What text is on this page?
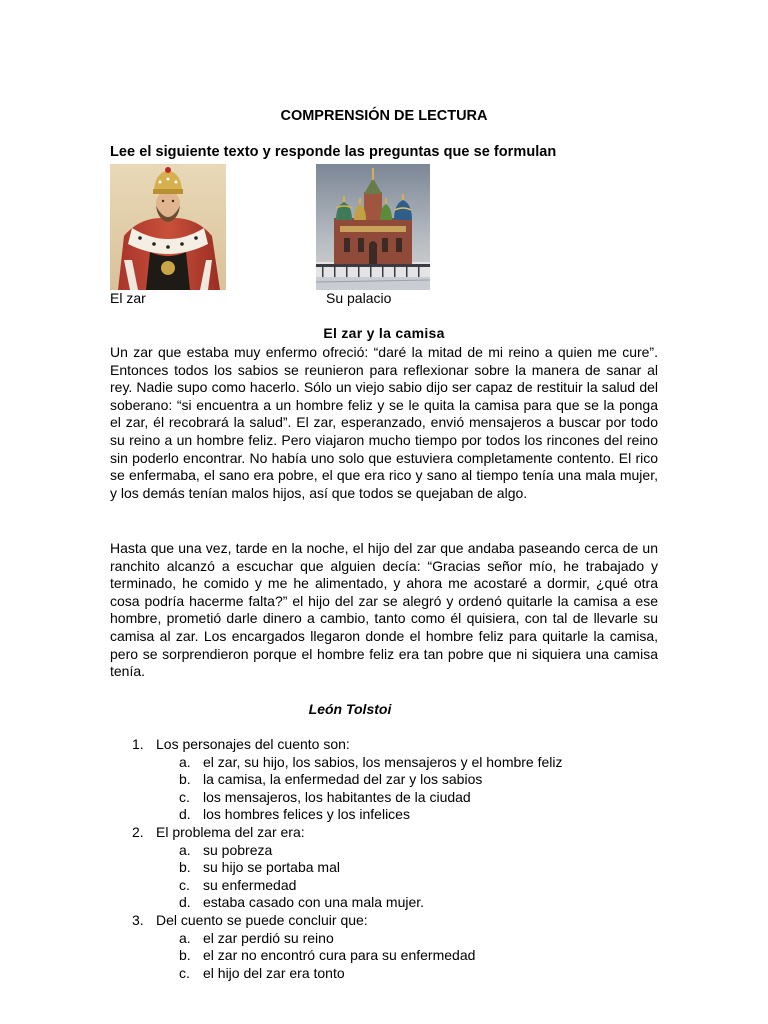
COMPRENSIÓN DE LECTURA
Lee el siguiente texto y responde las preguntas que se formulan
El zar	Su palacio
El zar y la camisa

Un zar que estaba muy enfermo ofreció: “daré la mitad de mi reino a quien me cure”. Entonces todos los sabios se reunieron para reflexionar sobre la manera de sanar al rey. Nadie supo como hacerlo. Sólo un viejo sabio dijo ser capaz de restituir la salud del soberano: “si encuentra a un hombre feliz y se le quita la camisa para que se la ponga el zar, él recobrará la salud”. El zar, esperanzado, envió mensajeros a buscar por todo su reino a un hombre feliz. Pero viajaron mucho tiempo por todos los rincones del reino sin poderlo encontrar. No había uno solo que estuviera completamente contento. El rico se enfermaba, el sano era pobre, el que era rico y sano al tiempo tenía una mala mujer, y los demás tenían malos hijos, así que todos se quejaban de algo.

Hasta que una vez, tarde en la noche, el hijo del zar que andaba paseando cerca de un ranchito alcanzó a escuchar que alguien decía: “Gracias señor mío, he trabajado y terminado, he comido y me he alimentado, y ahora me acostaré a dormir, ¿qué otra cosa podría hacerme falta?” el hijo del zar se alegró y ordenó quitarle la camisa a ese hombre, prometió darle dinero a cambio, tanto como él quisiera, con tal de llevarle su camisa al zar. Los encargados llegaron donde el hombre feliz para quitarle la camisa, pero se sorprendieron porque el hombre feliz era tan pobre que ni siquiera una camisa tenía.

León Tolstoi
1. Los personajes del cuento son:
a. el zar, su hijo, los sabios, los mensajeros y el hombre feliz
b. la camisa, la enfermedad del zar y los sabios
c. los mensajeros, los habitantes de la ciudad
d. los hombres felices y los infelices
2. El problema del zar era:
a. su pobreza
b. su hijo se portaba mal
c. su enfermedad
d. estaba casado con una mala mujer.
3. Del cuento se puede concluir que:
a. el zar perdió su reino
b. el zar no encontró cura para su enfermedad
c. el hijo del zar era tonto
